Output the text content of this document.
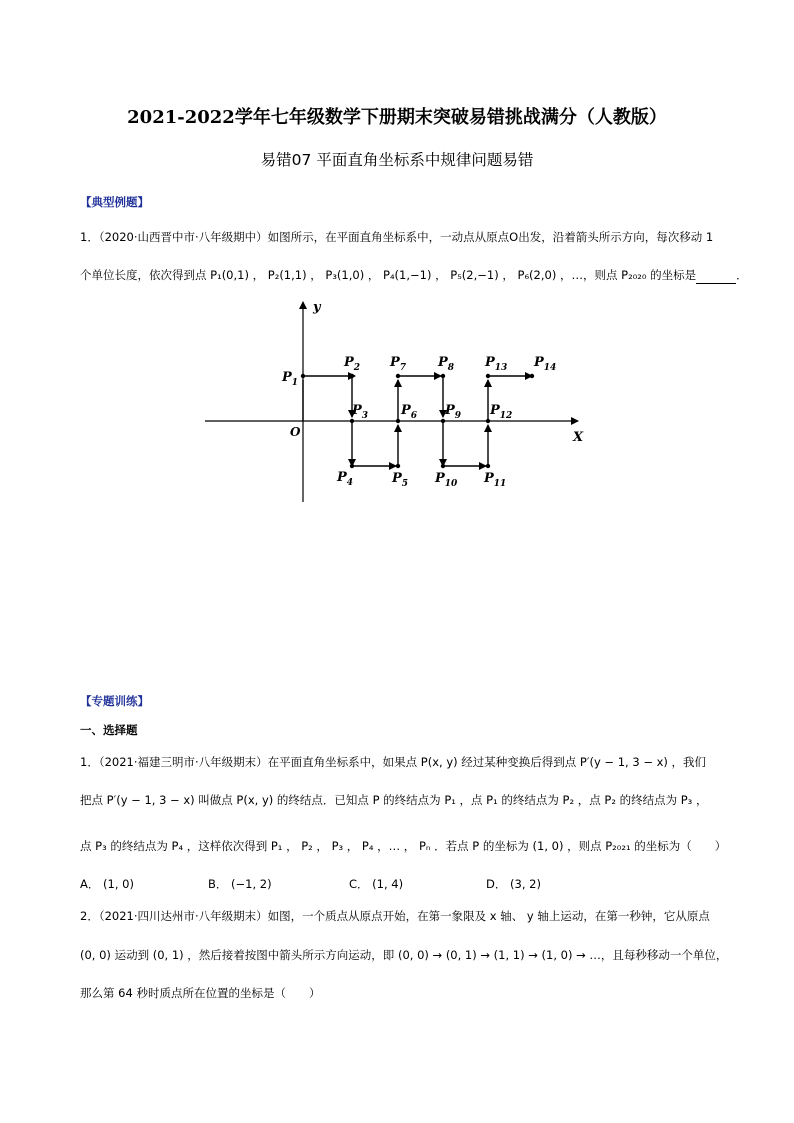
2021-2022学年七年级数学下册期末突破易错挑战满分（人教版）
易错07 平面直角坐标系中规律问题易错
【典型例题】
1．（2020·山西晋中市·八年级期中）如图所示，在平面直角坐标系中，一动点从原点O出发，沿着箭头所示方向，每次移动 1
个单位长度，依次得到点 P₁(0,1) ， P₂(1,1) ， P₃(1,0) ， P₄(1,−1) ， P₅(2,−1) ， P₆(2,0) ，…，则点 P₂₀₂₀ 的坐标是	．
X
y
O
$P_1$
$P_2$
$P_3$
$P_4$	$P_5$
$P_6$
$P_7$ $P_8$
$P_9$
$P_{10}$ $P_{11}$
$P_{12}$
$P_{13}$ $P_{14}$
【专题训练】
一、选择题
1．（2021·福建三明市·八年级期末）在平面直角坐标系中，如果点 P(x, y) 经过某种变换后得到点 P′(y − 1, 3 − x) ，我们
把点 P′(y − 1, 3 − x) 叫做点 P(x, y) 的终结点．已知点 P 的终结点为 P₁ ，点 P₁ 的终结点为 P₂ ，点 P₂ 的终结点为 P₃ ，
点 P₃ 的终结点为 P₄ ，这样依次得到 P₁ ， P₂ ， P₃ ， P₄ ，… ， Pₙ ．若点 P 的坐标为 (1, 0) ，则点 P₂₀₂₁ 的坐标为（　　）
A． (1, 0)	B． (−1, 2)	C． (1, 4)	D． (3, 2)
2．（2021·四川达州市·八年级期末）如图，一个质点从原点开始，在第一象限及 x 轴、 y 轴上运动，在第一秒钟，它从原点
(0, 0) 运动到 (0, 1) ，然后接着按图中箭头所示方向运动，即 (0, 0) → (0, 1) → (1, 1) → (1, 0) → …，且每秒移动一个单位，
那么第 64 秒时质点所在位置的坐标是（　　）
